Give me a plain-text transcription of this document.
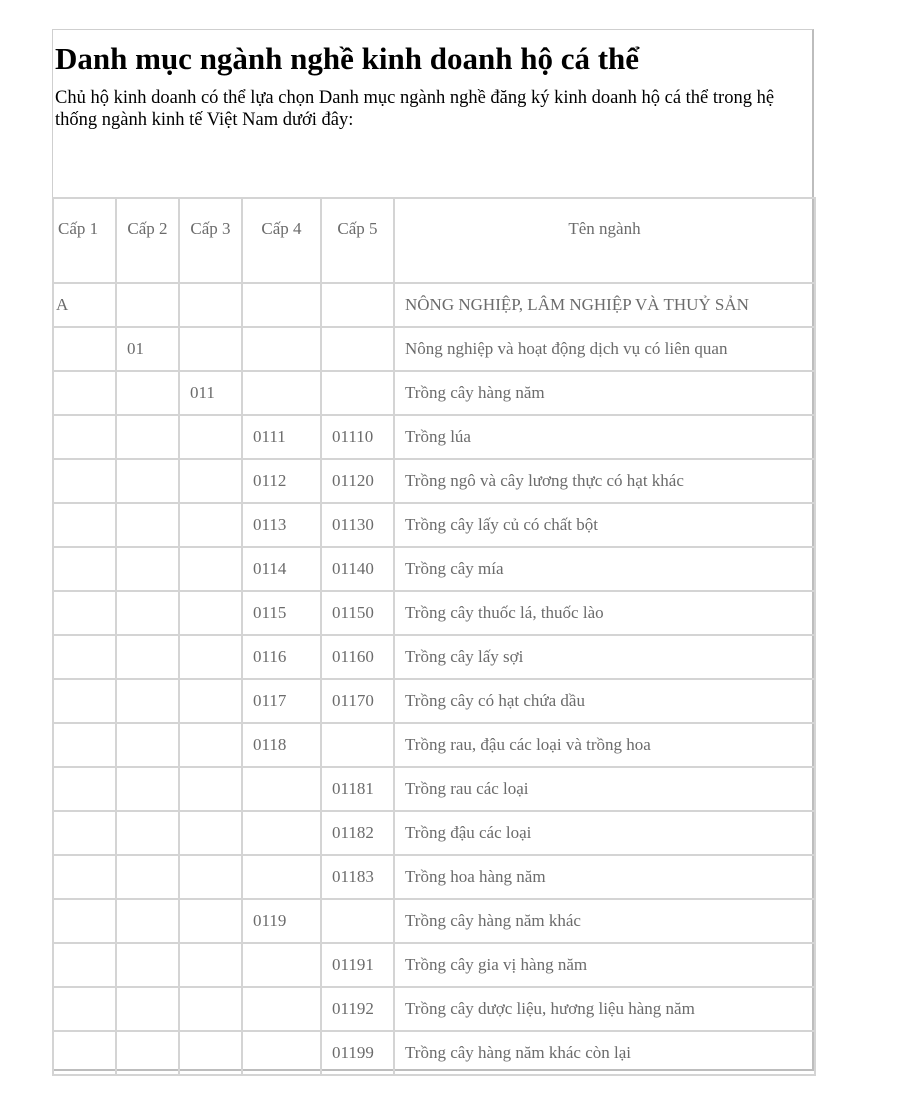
Danh mục ngành nghề kinh doanh hộ cá thể

Chủ hộ kinh doanh có thể lựa chọn Danh mục ngành nghề đăng ký kinh doanh hộ cá thể trong hệ thống ngành kinh tế Việt Nam dưới đây:

Cấp 1	Cấp 2	Cấp 3	Cấp 4	Cấp 5	Tên ngành
A					NÔNG NGHIỆP, LÂM NGHIỆP VÀ THUỶ SẢN
	01				Nông nghiệp và hoạt động dịch vụ có liên quan
		011			Trồng cây hàng năm
			0111	01110	Trồng lúa
			0112	01120	Trồng ngô và cây lương thực có hạt khác
			0113	01130	Trồng cây lấy củ có chất bột
			0114	01140	Trồng cây mía
			0115	01150	Trồng cây thuốc lá, thuốc lào
			0116	01160	Trồng cây lấy sợi
			0117	01170	Trồng cây có hạt chứa dầu
			0118		Trồng rau, đậu các loại và trồng hoa
				01181	Trồng rau các loại
				01182	Trồng đậu các loại
				01183	Trồng hoa hàng năm
			0119		Trồng cây hàng năm khác
				01191	Trồng cây gia vị hàng năm
				01192	Trồng cây dược liệu, hương liệu hàng năm
				01199	Trồng cây hàng năm khác còn lại
